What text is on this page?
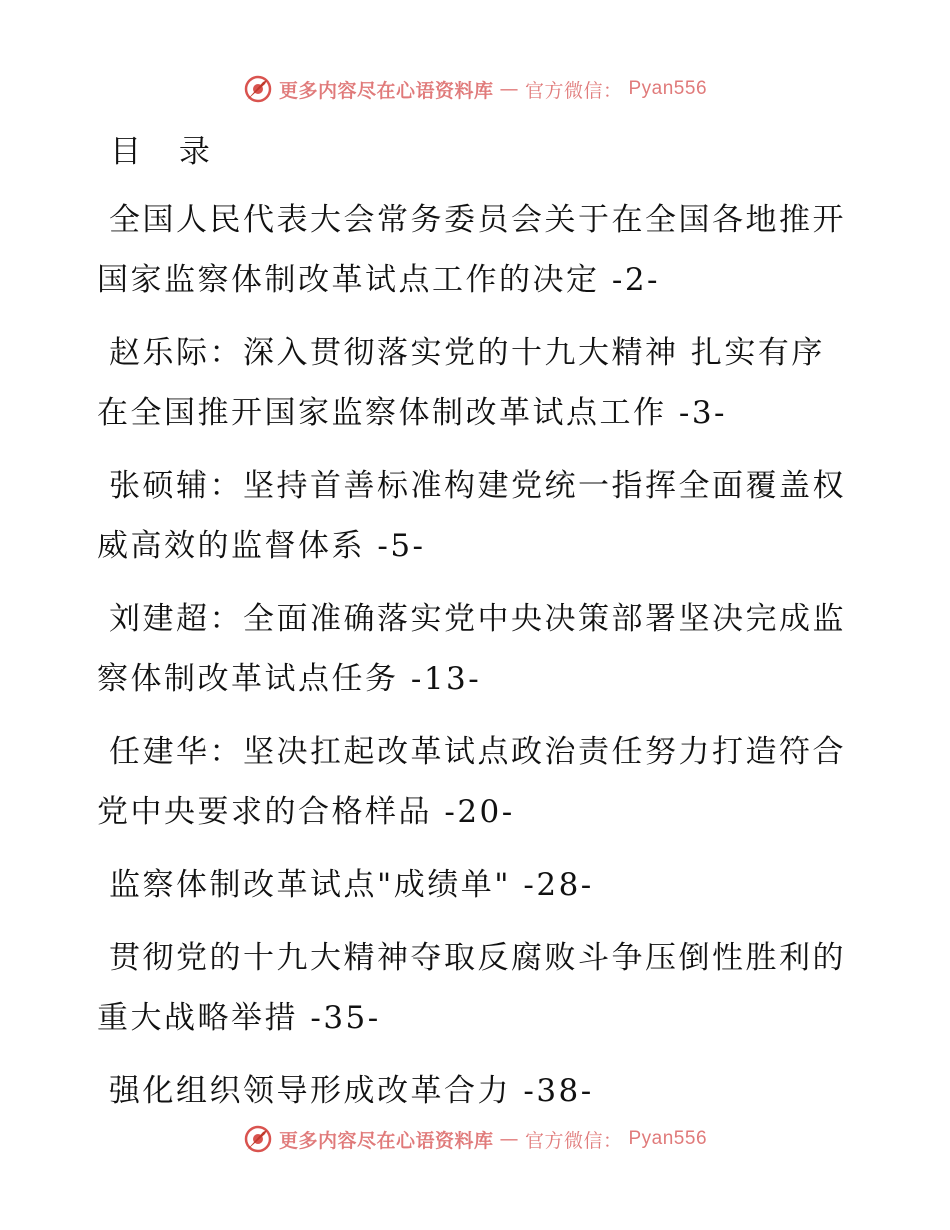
更多内容尽在心语资料库 — 官方微信： Pyan556
目 录
全国人民代表大会常务委员会关于在全国各地推开国家监察体制改革试点工作的决定 -2-
赵乐际：深入贯彻落实党的十九大精神 扎实有序在全国推开国家监察体制改革试点工作 -3-
张硕辅：坚持首善标准构建党统一指挥全面覆盖权威高效的监督体系 -5-
刘建超：全面准确落实党中央决策部署坚决完成监察体制改革试点任务 -13-
任建华：坚决扛起改革试点政治责任努力打造符合党中央要求的合格样品 -20-
监察体制改革试点"成绩单" -28-
贯彻党的十九大精神夺取反腐败斗争压倒性胜利的重大战略举措 -35-
强化组织领导形成改革合力 -38-
更多内容尽在心语资料库 — 官方微信： Pyan556
